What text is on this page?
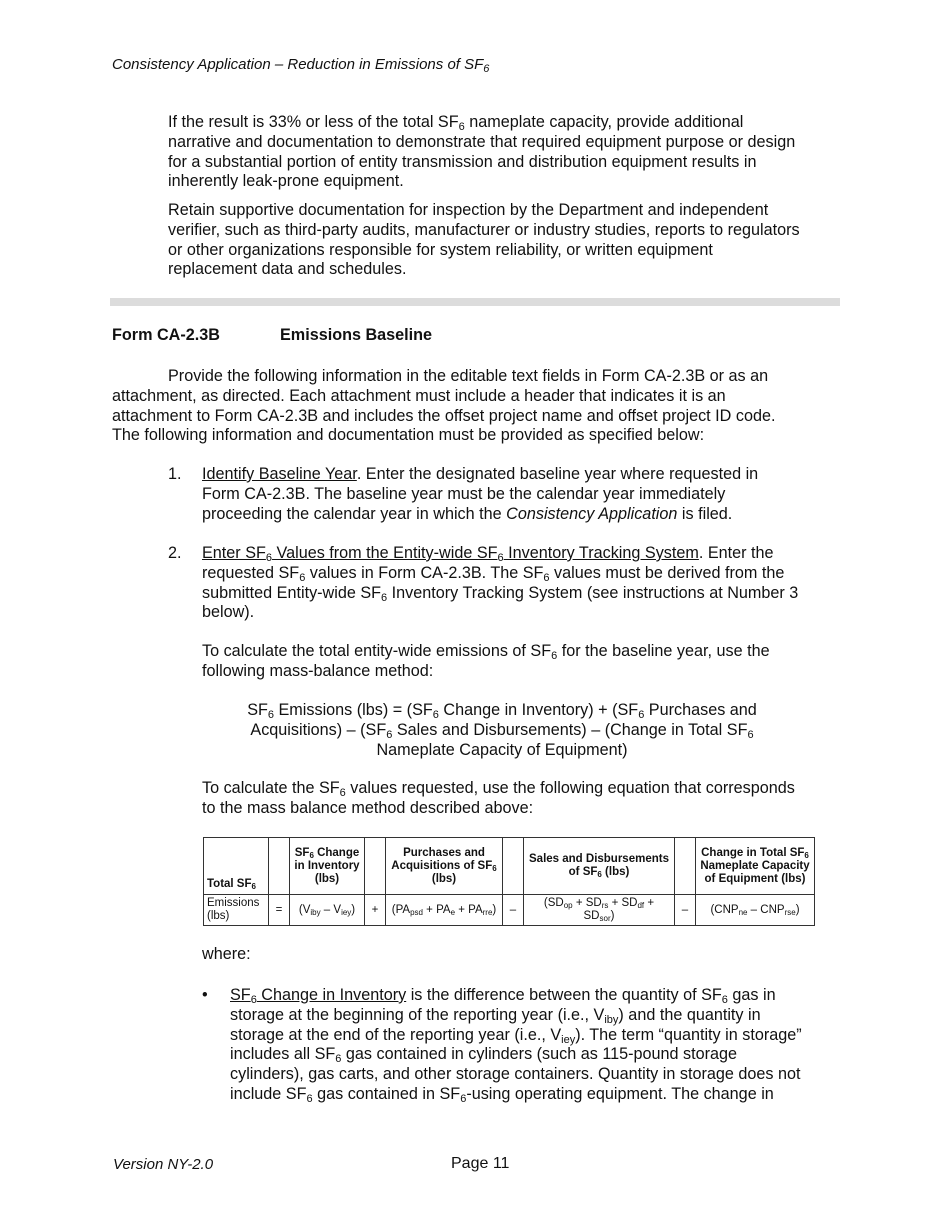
Consistency Application – Reduction in Emissions of $SF_6$

If the result is 33% or less of the total $SF_6$ nameplate capacity, provide additional

narrative and documentation to demonstrate that required equipment purpose or design

for a substantial portion of entity transmission and distribution equipment results in

inherently leak-prone equipment.

Retain supportive documentation for inspection by the Department and independent

verifier, such as third-party audits, manufacturer or industry studies, reports to regulators

or other organizations responsible for system reliability, or written equipment

replacement data and schedules.

Form CA-2.3B	Emissions Baseline

Provide the following information in the editable text fields in Form CA-2.3B or as an

attachment, as directed. Each attachment must include a header that indicates it is an

attachment to Form CA-2.3B and includes the offset project name and offset project ID code.

The following information and documentation must be provided as specified below:

1. Identify Baseline Year. Enter the designated baseline year where requested in

Form CA-2.3B. The baseline year must be the calendar year immediately

proceeding the calendar year in which the Consistency Application is filed.

2. Enter $SF_6$ Values from the Entity-wide $SF_6$ Inventory Tracking System. Enter the

requested $SF_6$ values in Form CA-2.3B. The $SF_6$ values must be derived from the

submitted Entity-wide $SF_6$ Inventory Tracking System (see instructions at Number 3

below).

To calculate the total entity-wide emissions of $SF_6$ for the baseline year, use the

following mass-balance method:

$SF_6$ Emissions $(lbs) = (SF_6$ Change in Inventory) + ($SF_6$ Purchases and

Acquisitions) – ($SF_6$ Sales and Disbursements) – (Change in Total $SF_6$

Nameplate Capacity of Equipment)

To calculate the $SF_6$ values requested, use the following equation that corresponds

to the mass balance method described above:

Total $SF_6$		$SF_6$ Change in Inventory (lbs)		Purchases and Acquisitions of $SF_6$ (lbs)		Sales and Disbursements of $SF_6$ (lbs)		Change in Total $SF_6$ Nameplate Capacity of Equipment (lbs)
Emissions (lbs)	=	$(V_{iby} - V_{iey})$	+	$(PA_{psd} + PA_e + PA_{rre})$	–	$(SD_{op} + SD_{rs} + SD_{df} + SD_{sor})$	–	$(CNP_{ne} - CNP_{rse})$
where:

• $SF_6$ Change in Inventory is the difference between the quantity of $SF_6$ gas in

storage at the beginning of the reporting year (i.e., $V_{iby}$) and the quantity in

storage at the end of the reporting year (i.e., $V_{iey}$). The term “quantity in storage”

includes all $SF_6$ gas contained in cylinders (such as 115-pound storage

cylinders), gas carts, and other storage containers. Quantity in storage does not

include $SF_6$ gas contained in $SF_6$-using operating equipment. The change in

Version NY-2.0	Page 11
